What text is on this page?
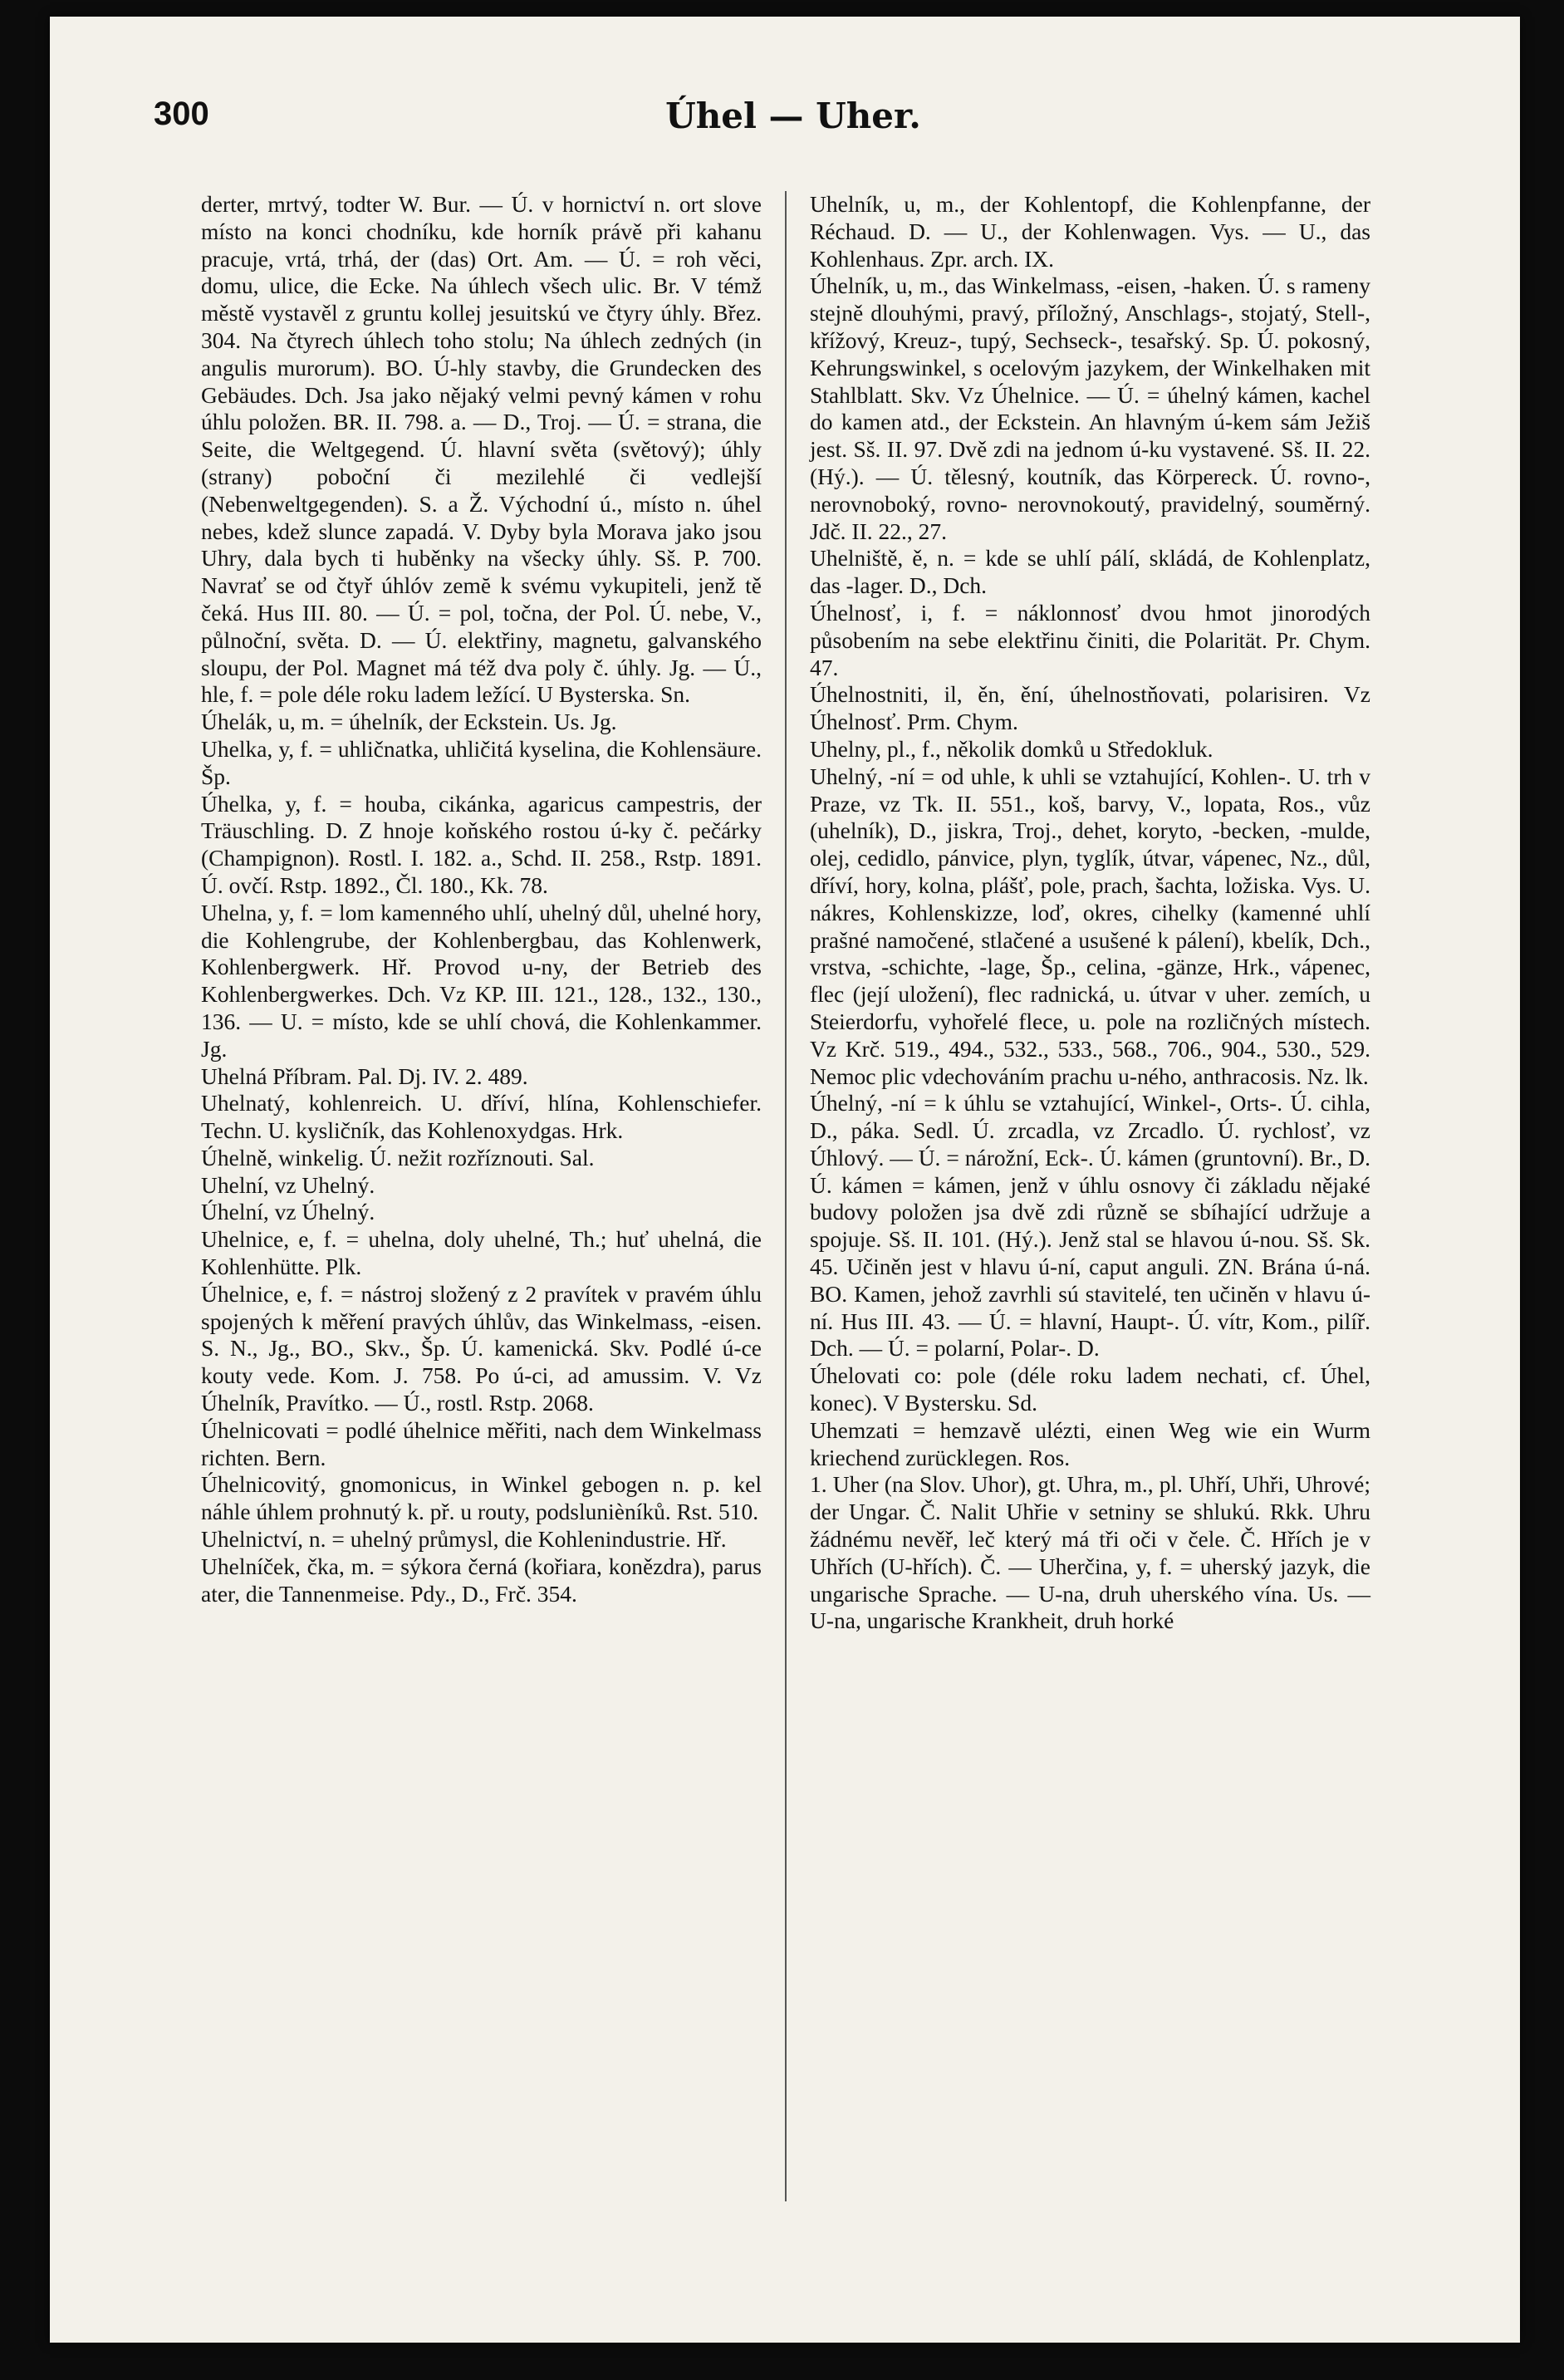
300	Úhel — Uher.

derter, mrtvý, todter W. Bur. — Ú. v hornictví n. ort slove místo na konci chodníku, kde horník právě při kahanu pracuje, vrtá, trhá, der (das) Ort. Am. — Ú. = roh věci, domu, ulice, die Ecke. Na úhlech všech ulic. Br. V témž městě vystavěl z gruntu kollej jesuitskú ve čtyry úhly. Břez. 304. Na čtyrech úhlech toho stolu; Na úhlech zedných (in angulis murorum). BO. Ú-hly stavby, die Grundecken des Gebäudes. Dch. Jsa jako nějaký velmi pevný kámen v rohu úhlu položen. BR. II. 798. a. — D., Troj. — Ú. = strana, die Seite, die Weltgegend. Ú. hlavní světa (světový); úhly (strany) poboční či mezilehlé či vedlejší (Nebenweltgegenden). S. a Ž. Východní ú., místo n. úhel nebes, kdež slunce zapadá. V. Dyby byla Morava jako jsou Uhry, dala bych ti huběnky na všecky úhly. Sš. P. 700. Navrať se od čtyř úhlóv zemĕ k svému vykupiteli, jenž tě čeká. Hus III. 80. — Ú. = pol, točna, der Pol. Ú. nebe, V., půlnoční, světa. D. — Ú. elektřiny, magnetu, galvanského sloupu, der Pol. Magnet má též dva poly č. úhly. Jg. — Ú., hle, f. = pole déle roku ladem ležící. U Bysterska. Sn.

Úhelák, u, m. = úhelník, der Eckstein. Us. Jg.

Uhelka, y, f. = uhličnatka, uhličitá kyselina, die Kohlensäure. Šp.

Úhelka, y, f. = houba, cikánka, agaricus campestris, der Träuschling. D. Z hnoje koňského rostou ú-ky č. pečárky (Champignon). Rostl. I. 182. a., Schd. II. 258., Rstp. 1891. Ú. ovčí. Rstp. 1892., Čl. 180., Kk. 78.

Uhelna, y, f. = lom kamenného uhlí, uhelný důl, uhelné hory, die Kohlengrube, der Kohlenbergbau, das Kohlenwerk, Kohlenbergwerk. Hř. Provod u-ny, der Betrieb des Kohlenbergwerkes. Dch. Vz KP. III. 121., 128., 132., 130., 136. — U. = místo, kde se uhlí chová, die Kohlenkammer. Jg.

Uhelná Příbram. Pal. Dj. IV. 2. 489.

Uhelnatý, kohlenreich. U. dříví, hlína, Kohlenschiefer. Techn. U. kysličník, das Kohlenoxydgas. Hrk.

Úhelně, winkelig. Ú. nežit rozříznouti. Sal.

Uhelní, vz Uhelný.

Úhelní, vz Úhelný.

Uhelnice, e, f. = uhelna, doly uhelné, Th.; huť uhelná, die Kohlenhütte. Plk.

Úhelnice, e, f. = nástroj složený z 2 pravítek v pravém úhlu spojených k měření pravých úhlův, das Winkelmass, -eisen. S. N., Jg., BO., Skv., Šp. Ú. kamenická. Skv. Podlé ú-ce kouty vede. Kom. J. 758. Po ú-ci, ad amussim. V. Vz Úhelník, Pravítko. — Ú., rostl. Rstp. 2068.

Úhelnicovati = podlé úhelnice měřiti, nach dem Winkelmass richten. Bern.

Úhelnicovitý, gnomonicus, in Winkel gebogen n. p. kel náhle úhlem prohnutý k. př. u routy, podslunièníků. Rst. 510.

Uhelnictví, n. = uhelný průmysl, die Kohlenindustrie. Hř.

Uhelníček, čka, m. = sýkora černá (kořiara, konězdra), parus ater, die Tannenmeise. Pdy., D., Frč. 354.

Uhelník, u, m., der Kohlentopf, die Kohlenpfanne, der Réchaud. D. — U., der Kohlenwagen. Vys. — U., das Kohlenhaus. Zpr. arch. IX.

Úhelník, u, m., das Winkelmass, -eisen, -haken. Ú. s rameny stejně dlouhými, pravý, příložný, Anschlags-, stojatý, Stell-, křížový, Kreuz-, tupý, Sechseck-, tesařský. Sp. Ú. pokosný, Kehrungswinkel, s ocelovým jazykem, der Winkelhaken mit Stahlblatt. Skv. Vz Úhelnice. — Ú. = úhelný kámen, kachel do kamen atd., der Eckstein. An hlavným ú-kem sám Ježiš jest. Sš. II. 97. Dvě zdi na jednom ú-ku vystavené. Sš. II. 22. (Hý.). — Ú. tělesný, koutník, das Körpereck. Ú. rovno-, nerovnoboký, rovno- nerovnokoutý, pravidelný, souměrný. Jdč. II. 22., 27.

Uhelniště, ě, n. = kde se uhlí pálí, skládá, de Kohlenplatz, das -lager. D., Dch.

Úhelnosť, i, f. = náklonnosť dvou hmot jinorodých působením na sebe elektřinu činiti, die Polarität. Pr. Chym. 47.

Úhelnostniti, il, ěn, ění, úhelnostňovati, polarisiren. Vz Úhelnosť. Prm. Chym.

Uhelny, pl., f., několik domků u Středokluk.

Uhelný, -ní = od uhle, k uhli se vztahující, Kohlen-. U. trh v Praze, vz Tk. II. 551., koš, barvy, V., lopata, Ros., vůz (uhelník), D., jiskra, Troj., dehet, koryto, -becken, -mulde, olej, cedidlo, pánvice, plyn, tyglík, útvar, vápenec, Nz., důl, dříví, hory, kolna, plášť, pole, prach, šachta, ložiska. Vys. U. nákres, Kohlenskizze, loď, okres, cihelky (kamenné uhlí prašné namočené, stlačené a usušené k pálení), kbelík, Dch., vrstva, -schichte, -lage, Šp., celina, -gänze, Hrk., vápenec, flec (její uložení), flec radnická, u. útvar v uher. zemích, u Steierdorfu, vyhořelé flece, u. pole na rozličných místech. Vz Krč. 519., 494., 532., 533., 568., 706., 904., 530., 529. Nemoc plic vdechováním prachu u-ného, anthracosis. Nz. lk.

Úhelný, -ní = k úhlu se vztahující, Winkel-, Orts-. Ú. cihla, D., páka. Sedl. Ú. zrcadla, vz Zrcadlo. Ú. rychlosť, vz Úhlový. — Ú. = nárožní, Eck-. Ú. kámen (gruntovní). Br., D. Ú. kámen = kámen, jenž v úhlu osnovy či základu nějaké budovy položen jsa dvě zdi různě se sbíhající udržuje a spojuje. Sš. II. 101. (Hý.). Jenž stal se hlavou ú-nou. Sš. Sk. 45. Učiněn jest v hlavu ú-ní, caput anguli. ZN. Brána ú-ná. BO. Kamen, jehož zavrhli sú stavitelé, ten učiněn v hlavu ú-ní. Hus III. 43. — Ú. = hlavní, Haupt-. Ú. vítr, Kom., pilíř. Dch. — Ú. = polarní, Polar-. D.

Úhelovati co: pole (déle roku ladem nechati, cf. Úhel, konec). V Bystersku. Sd.

Uhemzati = hemzavě ulézti, einen Weg wie ein Wurm kriechend zurücklegen. Ros.

1. Uher (na Slov. Uhor), gt. Uhra, m., pl. Uhří, Uhři, Uhrové; der Ungar. Č. Nalit Uhřie v setniny se shlukú. Rkk. Uhru žádnému nevěř, leč který má tři oči v čele. Č. Hřích je v Uhřích (U-hřích). Č. — Uherčina, y, f. = uherský jazyk, die ungarische Sprache. — U-na, druh uherského vína. Us. — U-na, ungarische Krankheit, druh horké
